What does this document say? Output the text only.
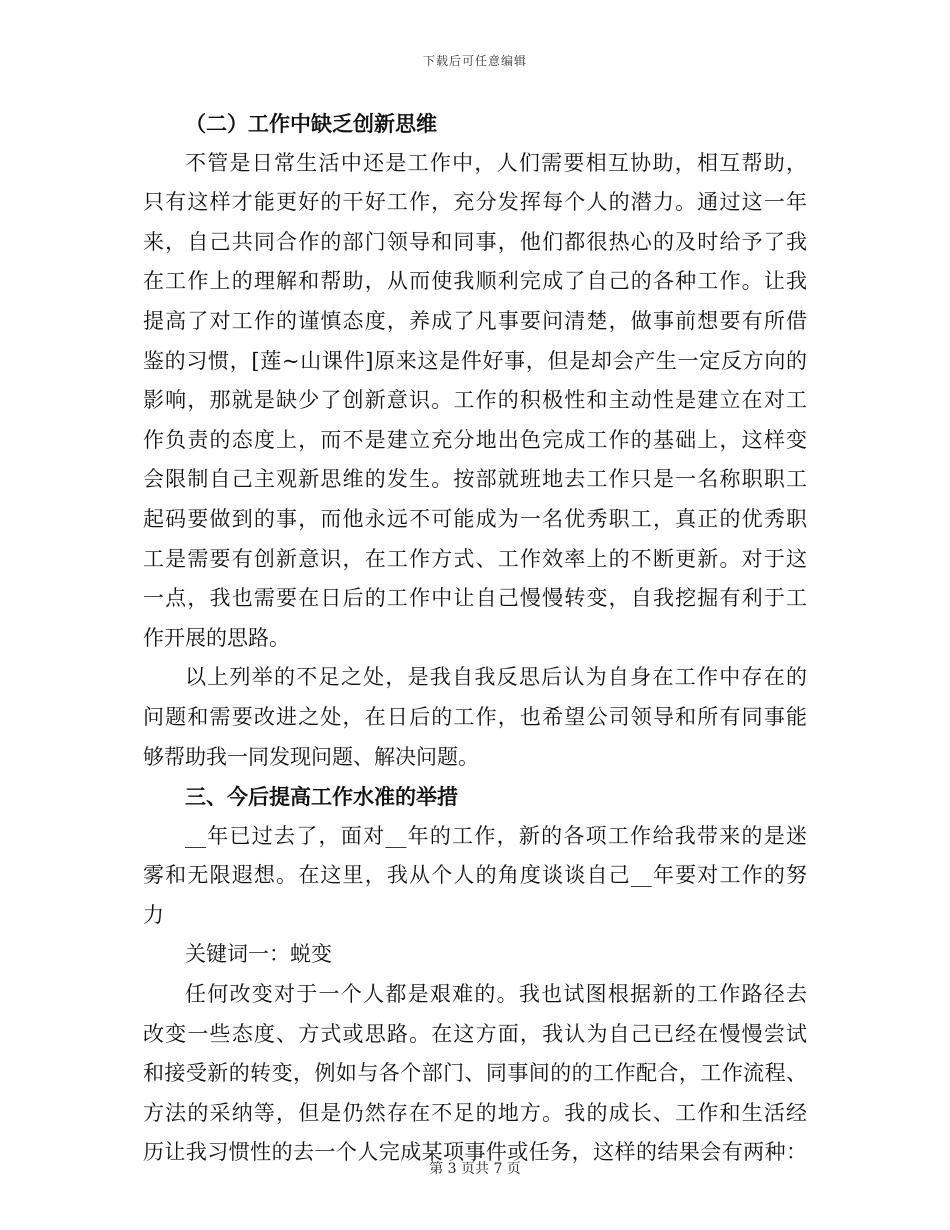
下载后可任意编辑
（二）工作中缺乏创新思维
不管是日常生活中还是工作中，人们需要相互协助，相互帮助，
只有这样才能更好的干好工作，充分发挥每个人的潜力。通过这一年
来，自己共同合作的部门领导和同事，他们都很热心的及时给予了我
在工作上的理解和帮助，从而使我顺利完成了自己的各种工作。让我
提高了对工作的谨慎态度，养成了凡事要问清楚，做事前想要有所借
鉴的习惯，[莲~山课件]原来这是件好事，但是却会产生一定反方向的
影响，那就是缺少了创新意识。工作的积极性和主动性是建立在对工
作负责的态度上，而不是建立充分地出色完成工作的基础上，这样变
会限制自己主观新思维的发生。按部就班地去工作只是一名称职职工
起码要做到的事，而他永远不可能成为一名优秀职工，真正的优秀职
工是需要有创新意识，在工作方式、工作效率上的不断更新。对于这
一点，我也需要在日后的工作中让自己慢慢转变，自我挖掘有利于工
作开展的思路。
以上列举的不足之处，是我自我反思后认为自身在工作中存在的
问题和需要改进之处，在日后的工作，也希望公司领导和所有同事能
够帮助我一同发现问题、解决问题。
三、今后提高工作水准的举措
__年已过去了，面对__年的工作，新的各项工作给我带来的是迷
雾和无限遐想。在这里，我从个人的角度谈谈自己__年要对工作的努
力
关键词一：蜕变
任何改变对于一个人都是艰难的。我也试图根据新的工作路径去
改变一些态度、方式或思路。在这方面，我认为自己已经在慢慢尝试
和接受新的转变，例如与各个部门、同事间的的工作配合，工作流程、
方法的采纳等，但是仍然存在不足的地方。我的成长、工作和生活经
历让我习惯性的去一个人完成某项事件或任务，这样的结果会有两种：
第 3 页共 7 页
